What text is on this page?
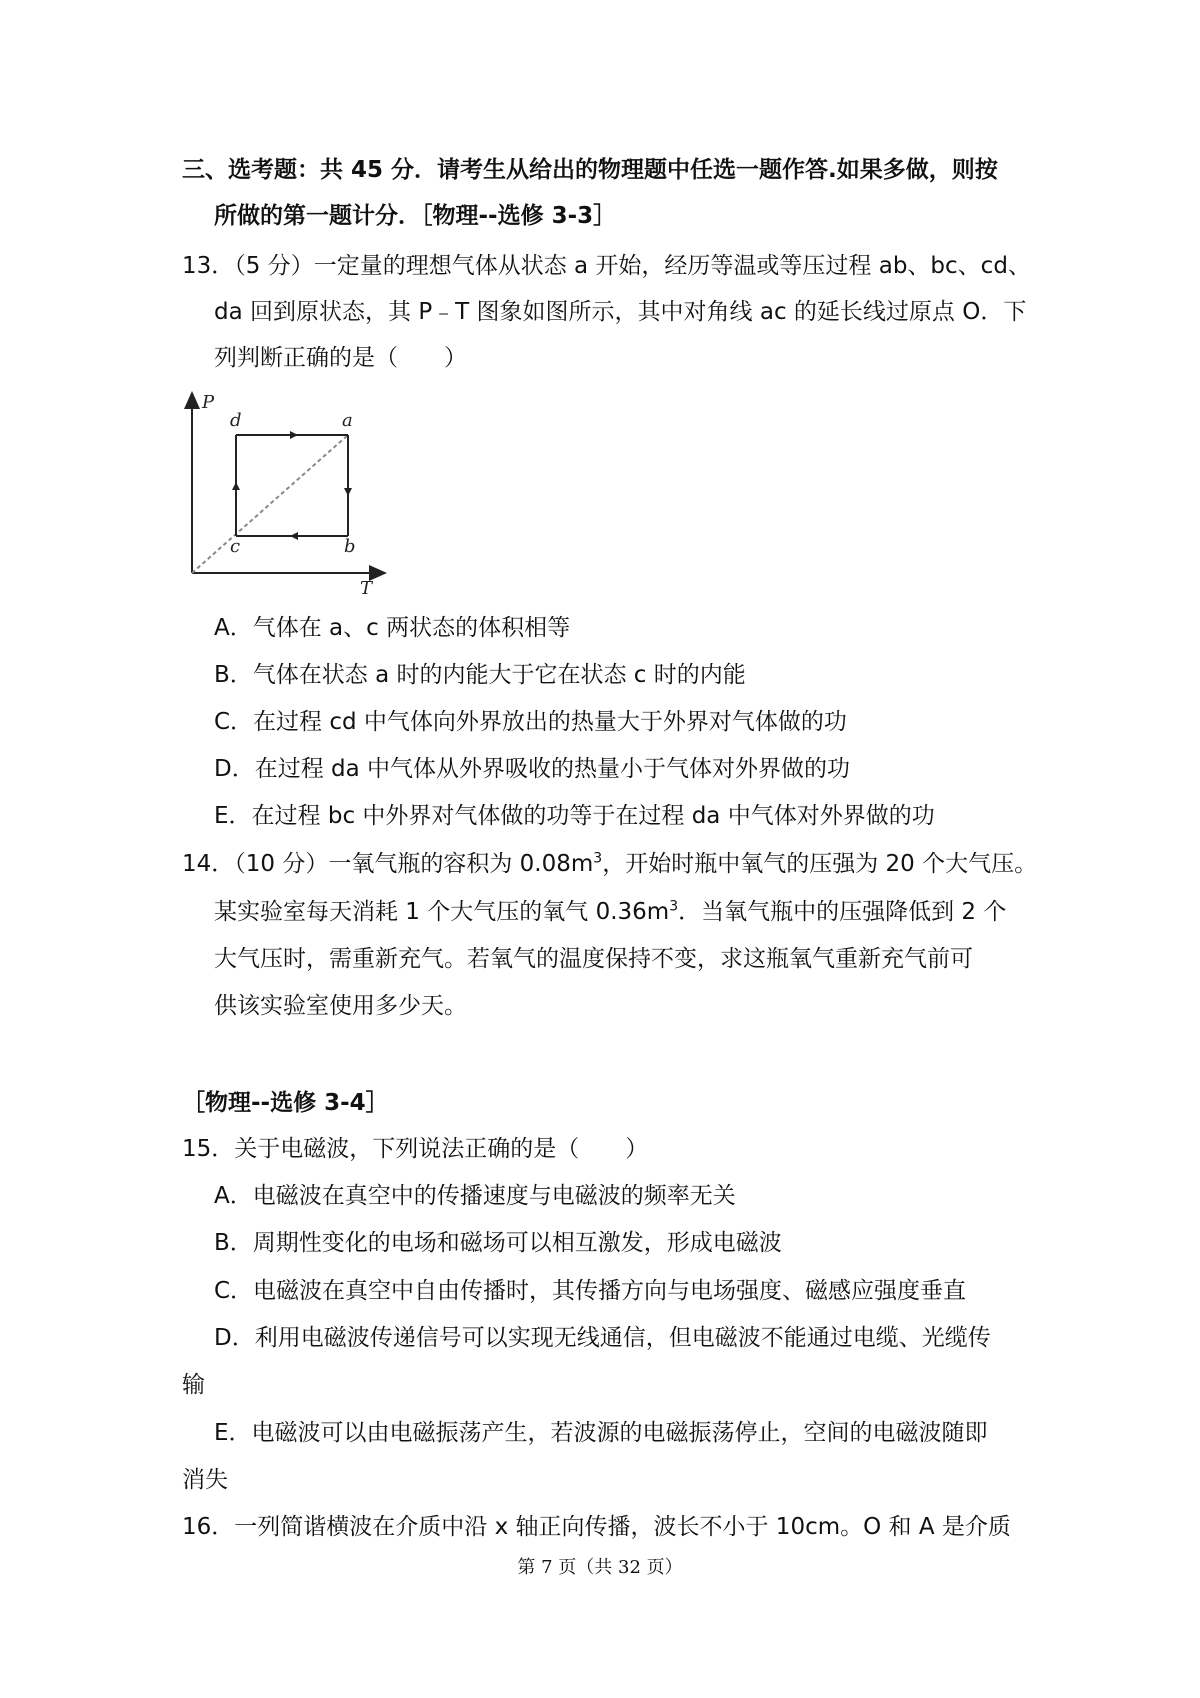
三、选考题：共 45 分．请考生从给出的物理题中任选一题作答.如果多做，则按
所做的第一题计分．［物理--选修 3-3］
13．（5 分）一定量的理想气体从状态 a 开始，经历等温或等压过程 ab、bc、cd、
da 回到原状态，其 P﹣T 图象如图所示，其中对角线 ac 的延长线过原点 O．下
列判断正确的是（　　）
P
T
d	a
c	b
A．气体在 a、c 两状态的体积相等
B．气体在状态 a 时的内能大于它在状态 c 时的内能
C．在过程 cd 中气体向外界放出的热量大于外界对气体做的功
D．在过程 da 中气体从外界吸收的热量小于气体对外界做的功
E．在过程 bc 中外界对气体做的功等于在过程 da 中气体对外界做的功
14．（10 分）一氧气瓶的容积为 $0.08m^3$，开始时瓶中氧气的压强为 20 个大气压。
某实验室每天消耗 1 个大气压的氧气 $0.36m^3$．当氧气瓶中的压强降低到 2 个
大气压时，需重新充气。若氧气的温度保持不变，求这瓶氧气重新充气前可
供该实验室使用多少天。
［物理--选修 3-4］
15．关于电磁波，下列说法正确的是（　　）
A．电磁波在真空中的传播速度与电磁波的频率无关
B．周期性变化的电场和磁场可以相互激发，形成电磁波
C．电磁波在真空中自由传播时，其传播方向与电场强度、磁感应强度垂直
D．利用电磁波传递信号可以实现无线通信，但电磁波不能通过电缆、光缆传
输
E．电磁波可以由电磁振荡产生，若波源的电磁振荡停止，空间的电磁波随即
消失
16．一列简谐横波在介质中沿 x 轴正向传播，波长不小于 10cm。O 和 A 是介质
第 7 页（共 32 页）
